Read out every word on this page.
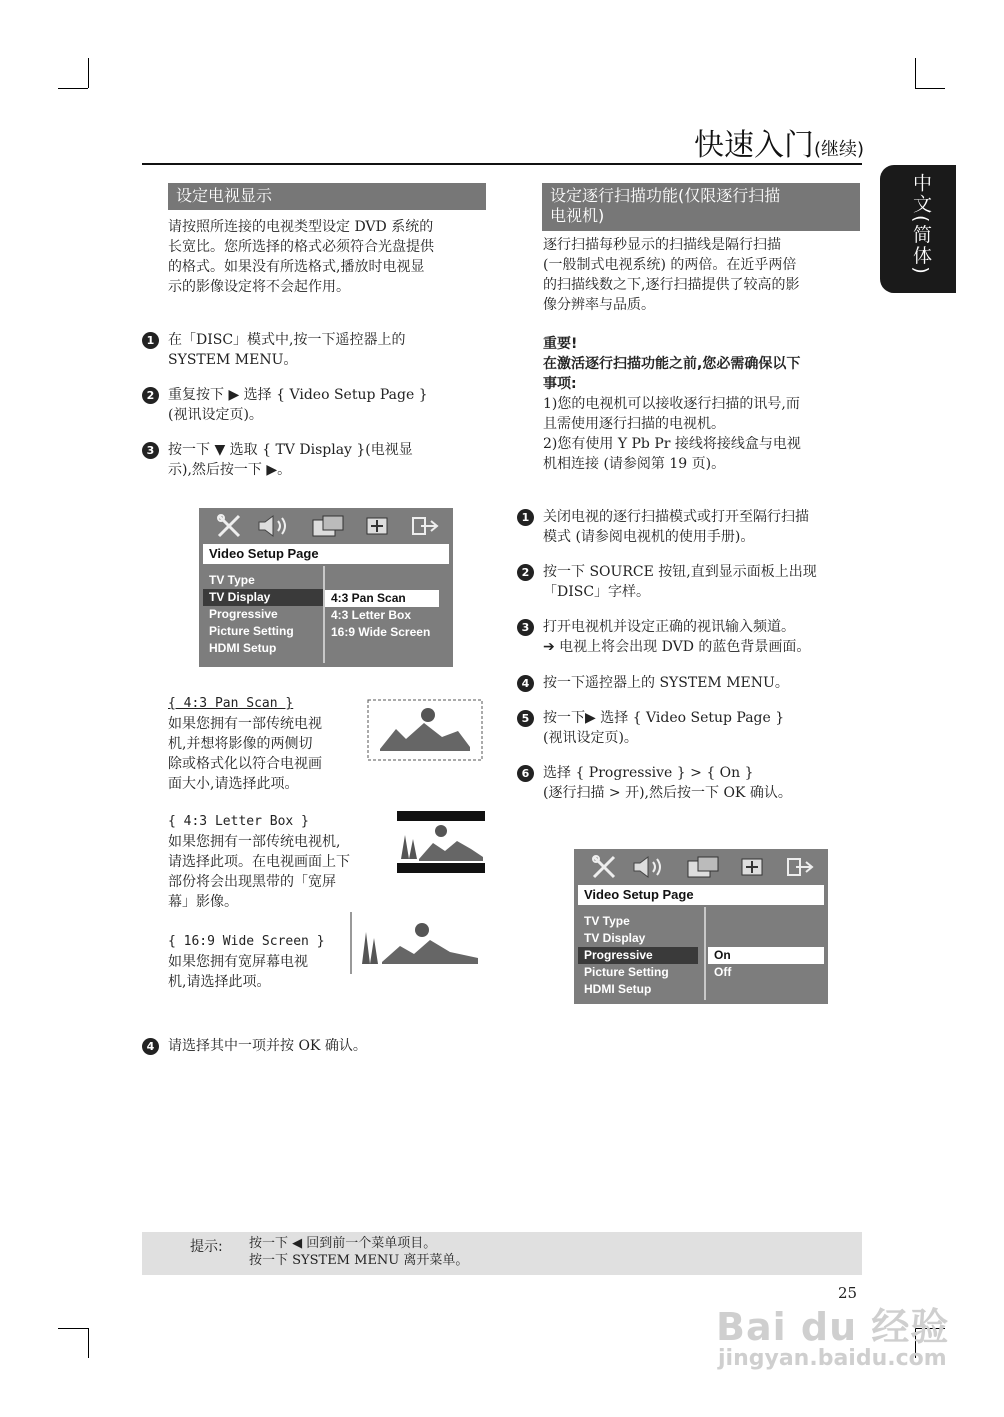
快速入门(继续)
中文(简体)
设定电视显示
请按照所连接的电视类型设定 DVD 系统的
长宽比。您所选择的格式必须符合光盘提供
的格式。如果没有所选格式,播放时电视显
示的影像设定将不会起作用。
1 在「DISC」模式中,按一下遥控器上的
SYSTEM MENU。
2 重复按下 ▶ 选择 { Video Setup Page }
(视讯设定页)。
3 按一下 ▼ 选取 { TV Display }(电视显
示),然后按一下 ▶。
Video Setup Page
TV Type
TV Display
Progressive
Picture Setting
HDMI Setup
4:3 Pan Scan
4:3 Letter Box
16:9 Wide Screen
{ 4:3 Pan Scan }
如果您拥有一部传统电视
机,并想将影像的两侧切
除或格式化以符合电视画
面大小,请选择此项。
{ 4:3 Letter Box }
如果您拥有一部传统电视机,
请选择此项。在电视画面上下
部份将会出现黑带的「宽屏
幕」影像。
{ 16:9 Wide Screen }
如果您拥有宽屏幕电视
机,请选择此项。
4 请选择其中一项并按 OK 确认。
设定逐行扫描功能(仅限逐行扫描
电视机)
逐行扫描每秒显示的扫描线是隔行扫描
(一般制式电视系统) 的两倍。在近乎两倍
的扫描线数之下,逐行扫描提供了较高的影
像分辨率与品质。
重要!
在激活逐行扫描功能之前,您必需确保以下
事项:
1)您的电视机可以接收逐行扫描的讯号,而
且需使用逐行扫描的电视机。
2)您有使用 Y Pb Pr 接线将接线盒与电视
机相连接 (请参阅第 19 页)。
1 关闭电视的逐行扫描模式或打开至隔行扫描
模式 (请参阅电视机的使用手册)。
2 按一下 SOURCE 按钮,直到显示面板上出现
「DISC」字样。
3 打开电视机并设定正确的视讯输入频道。
➔ 电视上将会出现 DVD 的蓝色背景画面。
4 按一下遥控器上的 SYSTEM MENU。
5 按一下▶ 选择 { Video Setup Page }
(视讯设定页)。
6 选择 { Progressive } > { On }
(逐行扫描 > 开),然后按一下 OK 确认。
Video Setup Page
TV Type
TV Display
Progressive
Picture Setting
HDMI Setup
On
Off
提示: 按一下 ◀ 回到前一个菜单项目。
按一下 SYSTEM MENU 离开菜单。
25
Bai du 经验
jingyan.baidu.com
